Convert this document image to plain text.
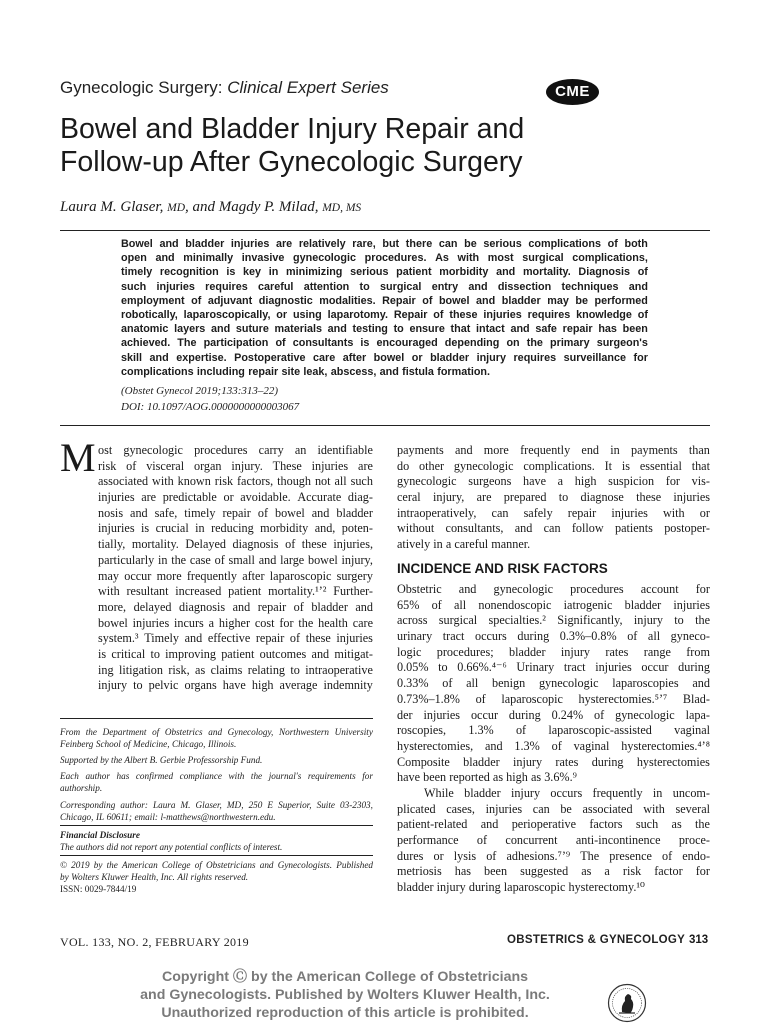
Gynecologic Surgery: Clinical Expert Series	CME
Bowel and Bladder Injury Repair and
Follow-up After Gynecologic Surgery
Laura M. Glaser, MD, and Magdy P. Milad, MD, MS
Bowel and bladder injuries are relatively rare, but there can be serious complications of both
open and minimally invasive gynecologic procedures. As with most surgical complications,
timely recognition is key in minimizing serious patient morbidity and mortality. Diagnosis of
such injuries requires careful attention to surgical entry and dissection techniques and
employment of adjuvant diagnostic modalities. Repair of bowel and bladder may be performed
robotically, laparoscopically, or using laparotomy. Repair of these injuries requires knowledge of
anatomic layers and suture materials and testing to ensure that intact and safe repair has been
achieved. The participation of consultants is encouraged depending on the primary surgeon's
skill and expertise. Postoperative care after bowel or bladder injury requires surveillance for
complications including repair site leak, abscess, and fistula formation.
(Obstet Gynecol 2019;133:313–22)
DOI: 10.1097/AOG.0000000000003067
M ost gynecologic procedures carry an identifiable
risk of visceral organ injury. These injuries are
associated with known risk factors, though not all such
injuries are predictable or avoidable. Accurate diag-
nosis and safe, timely repair of bowel and bladder
injuries is crucial in reducing morbidity and, poten-
tially, mortality. Delayed diagnosis of these injuries,
particularly in the case of small and large bowel injury,
may occur more frequently after laparoscopic surgery
with resultant increased patient mortality.¹ʼ² Further-
more, delayed diagnosis and repair of bladder and
bowel injuries incurs a higher cost for the health care
system.³ Timely and effective repair of these injuries
is critical to improving patient outcomes and mitigat-
ing litigation risk, as claims relating to intraoperative
injury to pelvic organs have high average indemnity
From the Department of Obstetrics and Gynecology, Northwestern University
Feinberg School of Medicine, Chicago, Illinois.
Supported by the Albert B. Gerbie Professorship Fund.
Each author has confirmed compliance with the journal's requirements for
authorship.
Corresponding author: Laura M. Glaser, MD, 250 E Superior, Suite 03-2303,
Chicago, IL 60611; email: l-matthews@northwestern.edu.
Financial Disclosure
The authors did not report any potential conflicts of interest.
© 2019 by the American College of Obstetricians and Gynecologists. Published
by Wolters Kluwer Health, Inc. All rights reserved.
ISSN: 0029-7844/19
payments and more frequently end in payments than
do other gynecologic complications. It is essential that
gynecologic surgeons have a high suspicion for vis-
ceral injury, are prepared to diagnose these injuries
intraoperatively, can safely repair injuries with or
without consultants, and can follow patients postoper-
atively in a careful manner.
INCIDENCE AND RISK FACTORS
Obstetric and gynecologic procedures account for
65% of all nonendoscopic iatrogenic bladder injuries
across surgical specialties.² Significantly, injury to the
urinary tract occurs during 0.3%–0.8% of all gyneco-
logic procedures; bladder injury rates range from
0.05% to 0.66%.⁴⁻⁶ Urinary tract injuries occur during
0.33% of all benign gynecologic laparoscopies and
0.73%–1.8% of laparoscopic hysterectomies.⁵ʼ⁷ Blad-
der injuries occur during 0.24% of gynecologic lapa-
roscopies, 1.3% of laparoscopic-assisted vaginal
hysterectomies, and 1.3% of vaginal hysterectomies.⁴ʼ⁸
Composite bladder injury rates during hysterectomies
have been reported as high as 3.6%.⁹
While bladder injury occurs frequently in uncom-
plicated cases, injuries can be associated with several
patient-related and perioperative factors such as the
performance of concurrent anti-incontinence proce-
dures or lysis of adhesions.⁷ʼ⁹ The presence of endo-
metriosis has been suggested as a risk factor for
bladder injury during laparoscopic hysterectomy.¹⁰
VOL. 133, NO. 2, FEBRUARY 2019	OBSTETRICS & GYNECOLOGY 313
Copyright Ⓒ by the American College of Obstetricians
and Gynecologists. Published by Wolters Kluwer Health, Inc.
Unauthorized reproduction of this article is prohibited.
